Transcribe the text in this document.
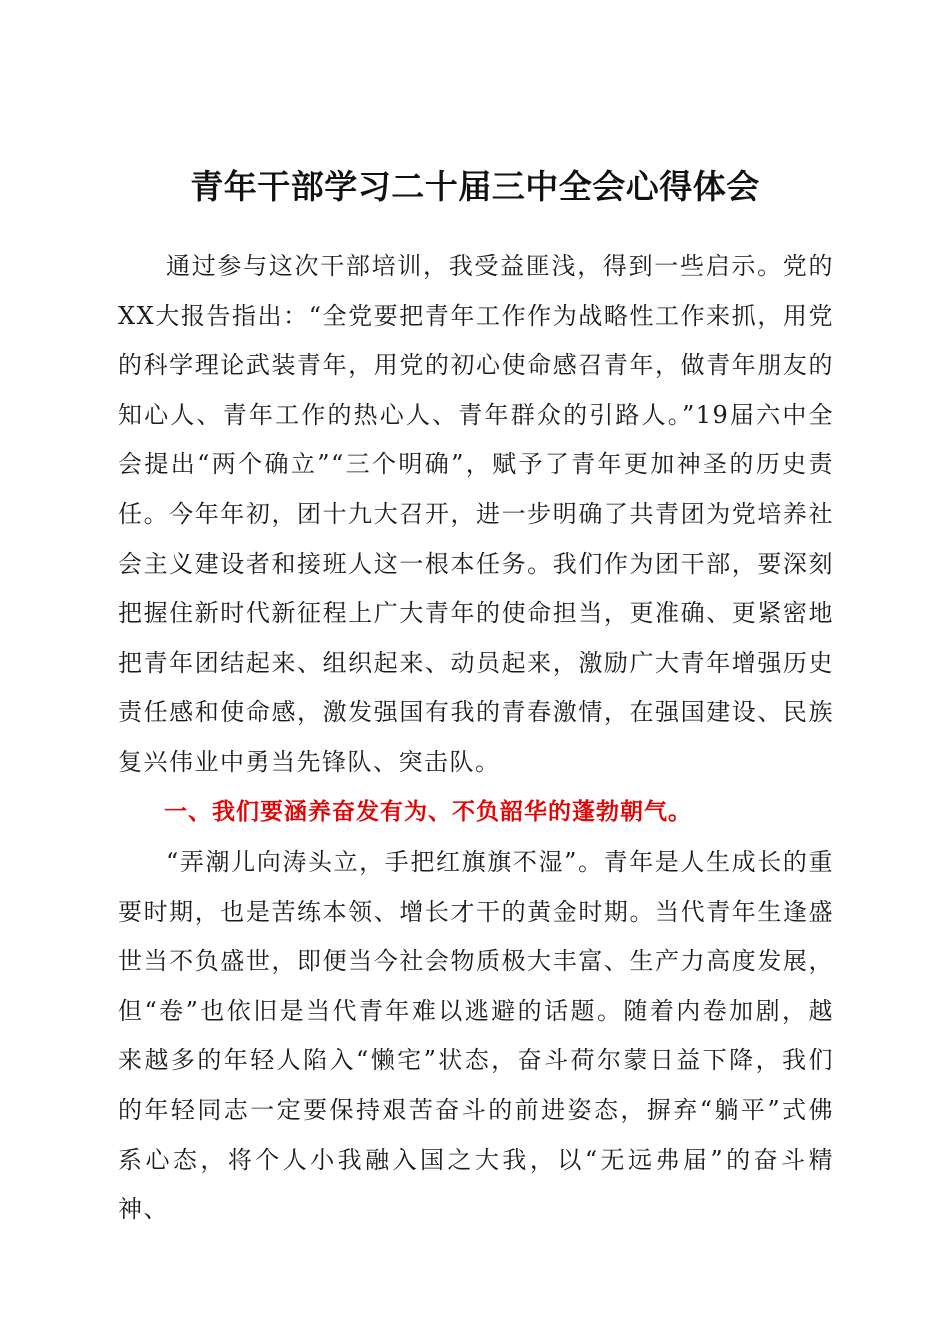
青年干部学习二十届三中全会心得体会

通过参与这次干部培训，我受益匪浅，得到一些启示。党的XX大报告指出：“全党要把青年工作作为战略性工作来抓，用党的科学理论武装青年，用党的初心使命感召青年，做青年朋友的知心人、青年工作的热心人、青年群众的引路人。”19届六中全会提出“两个确立”“三个明确”，赋予了青年更加神圣的历史责任。今年年初，团十九大召开，进一步明确了共青团为党培养社会主义建设者和接班人这一根本任务。我们作为团干部，要深刻把握住新时代新征程上广大青年的使命担当，更准确、更紧密地把青年团结起来、组织起来、动员起来，激励广大青年增强历史责任感和使命感，激发强国有我的青春激情，在强国建设、民族复兴伟业中勇当先锋队、突击队。

一、我们要涵养奋发有为、不负韶华的蓬勃朝气。

“弄潮儿向涛头立，手把红旗旗不湿”。青年是人生成长的重要时期，也是苦练本领、增长才干的黄金时期。当代青年生逢盛世当不负盛世，即便当今社会物质极大丰富、生产力高度发展，但“卷”也依旧是当代青年难以逃避的话题。随着内卷加剧，越来越多的年轻人陷入“懒宅”状态，奋斗荷尔蒙日益下降，我们的年轻同志一定要保持艰苦奋斗的前进姿态，摒弃“躺平”式佛系心态，将个人小我融入国之大我，以“无远弗届”的奋斗精神、
